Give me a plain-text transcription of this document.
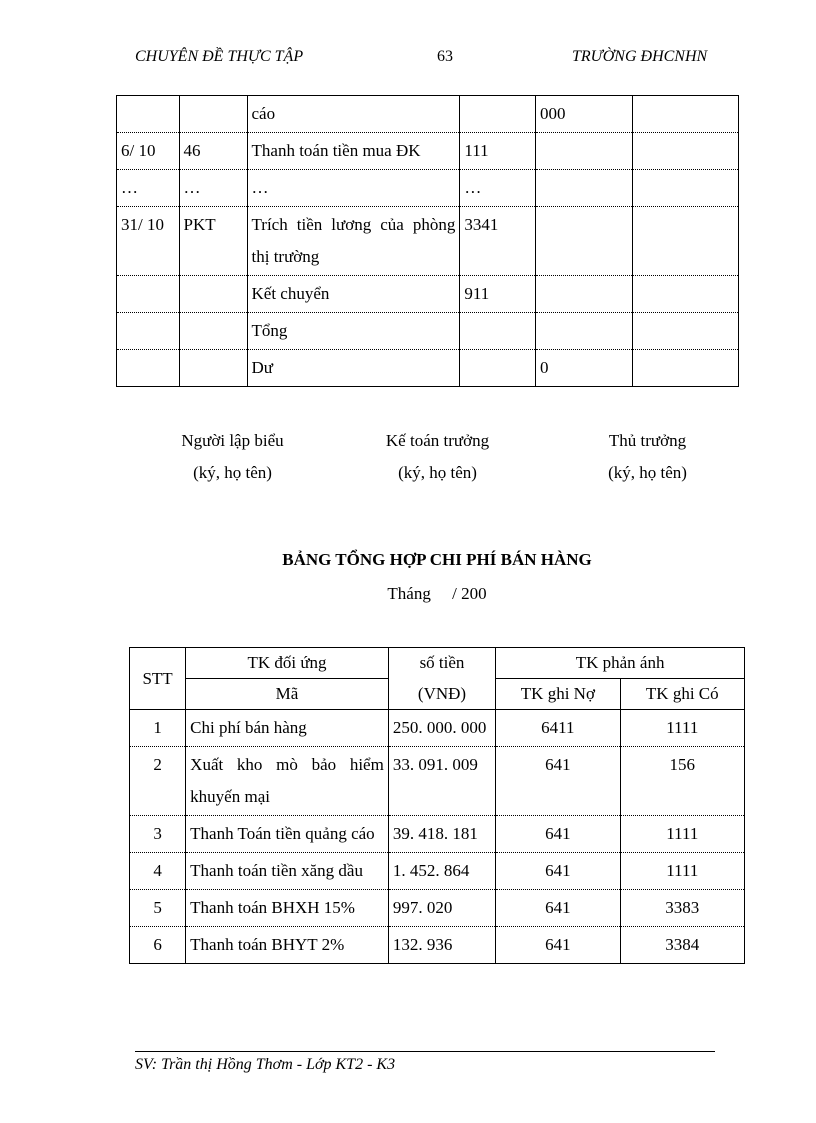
CHUYÊN ĐỀ THỰC TẬP	63	TRƯỜNG ĐHCNHN
		cáo		000	
6/ 10	46	Thanh toán tiền mua ĐK	111		
…	…	…	…		
31/ 10	PKT	Trích tiền lương của phòng thị trường	3341		
		Kết chuyển	911		
		Tổng			
		Dư		0	
Người lập biểu
(ký, họ tên)
Kế toán trưởng
(ký, họ tên)
Thủ trưởng
(ký, họ tên)
BẢNG TỔNG HỢP CHI PHÍ BÁN HÀNG
Tháng     / 200
STT	TK đối ứng	số tiền	TK phản ánh	
	Mã	(VNĐ)	TK ghi Nợ	TK ghi Có
1	Chi phí bán hàng	250. 000. 000	6411	1111
2	Xuất kho mò bảo hiểm khuyến mại	33. 091. 009	641	156
3	Thanh Toán tiền quảng cáo	39. 418. 181	641	1111
4	Thanh toán tiền xăng dầu	1. 452. 864	641	1111
5	Thanh toán BHXH 15%	997. 020	641	3383
6	Thanh toán BHYT 2%	132. 936	641	3384
SV: Trần thị Hồng Thơm - Lớp KT2 - K3
